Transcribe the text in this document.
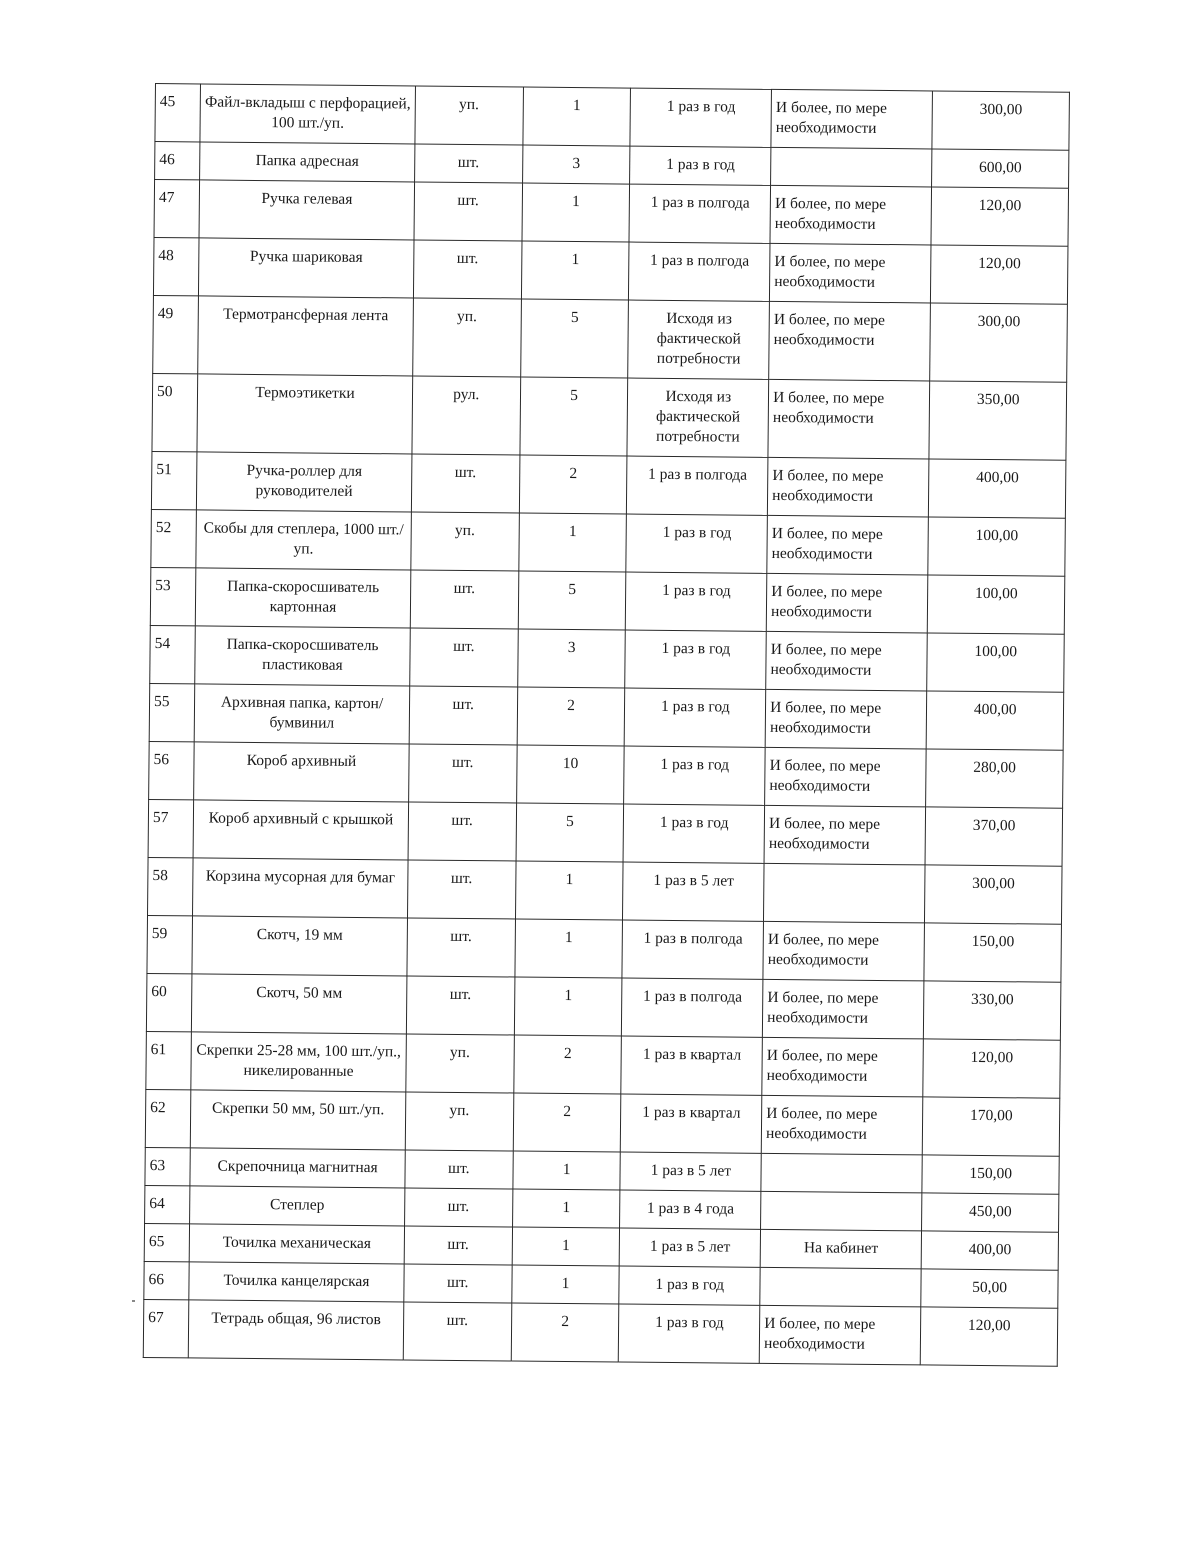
45	Файл-вкладыш с перфорацией, 100 шт./уп.	уп.	1	1 раз в год	И более, по мере необходимости	300,00
46	Папка адресная	шт.	3	1 раз в год		600,00
47	Ручка гелевая	шт.	1	1 раз в полгода	И более, по мере необходимости	120,00
48	Ручка шариковая	шт.	1	1 раз в полгода	И более, по мере необходимости	120,00
49	Термотрансферная лента	уп.	5	Исходя из фактической потребности	И более, по мере необходимости	300,00
50	Термоэтикетки	рул.	5	Исходя из фактической потребности	И более, по мере необходимости	350,00
51	Ручка-роллер для руководителей	шт.	2	1 раз в полгода	И более, по мере необходимости	400,00
52	Скобы для степлера, 1000 шт./уп.	уп.	1	1 раз в год	И более, по мере необходимости	100,00
53	Папка-скоросшиватель картонная	шт.	5	1 раз в год	И более, по мере необходимости	100,00
54	Папка-скоросшиватель пластиковая	шт.	3	1 раз в год	И более, по мере необходимости	100,00
55	Архивная папка, картон/бумвинил	шт.	2	1 раз в год	И более, по мере необходимости	400,00
56	Короб архивный	шт.	10	1 раз в год	И более, по мере необходимости	280,00
57	Короб архивный с крышкой	шт.	5	1 раз в год	И более, по мере необходимости	370,00
58	Корзина мусорная для бумаг	шт.	1	1 раз в 5 лет		300,00
59	Скотч, 19 мм	шт.	1	1 раз в полгода	И более, по мере необходимости	150,00
60	Скотч, 50 мм	шт.	1	1 раз в полгода	И более, по мере необходимости	330,00
61	Скрепки 25-28 мм, 100 шт./уп., никелированные	уп.	2	1 раз в квартал	И более, по мере необходимости	120,00
62	Скрепки 50 мм, 50 шт./уп.	уп.	2	1 раз в квартал	И более, по мере необходимости	170,00
63	Скрепочница магнитная	шт.	1	1 раз в 5 лет		150,00
64	Степлер	шт.	1	1 раз в 4 года		450,00
65	Точилка механическая	шт.	1	1 раз в 5 лет	На кабинет	400,00
66	Точилка канцелярская	шт.	1	1 раз в год		50,00
67	Тетрадь общая, 96 листов	шт.	2	1 раз в год	И более, по мере необходимости	120,00
